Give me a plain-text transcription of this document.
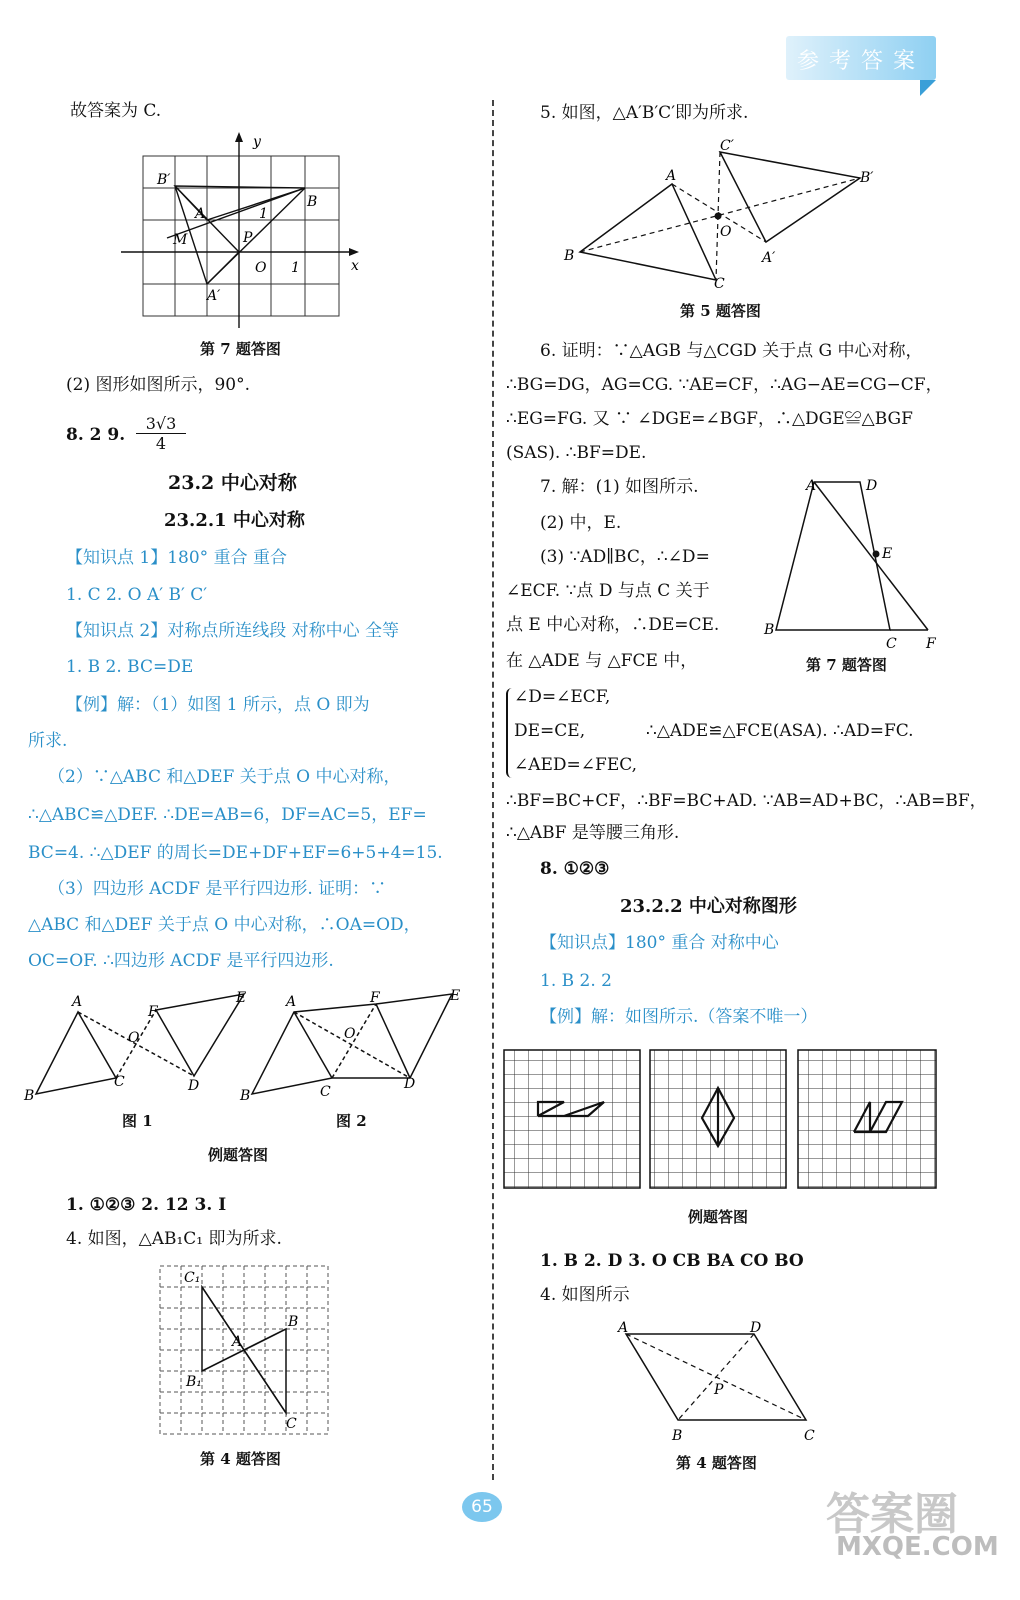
参考答案
故答案为 C.
y
x
B′
B
A
M	P
O 1
1
A′
第 7 题答图
(2) 图形如图所示，90°.
8. 2 9. $\frac{3√3}{4}$
23.2 中心对称
23.2.1 中心对称
【知识点 1】180° 重合 重合
1. C 2. O A′ B′ C′
【知识点 2】对称点所连线段 对称中心 全等
1. B 2. BC=DE
【例】解：（1）如图 1 所示，点 O 即为
所求.
（2）∵△ABC 和△DEF 关于点 O 中心对称，
∴△ABC≌△DEF. ∴DE=AB=6，DF=AC=5，EF=
BC=4. ∴△DEF 的周长=DE+DF+EF=6+5+4=15.
（3）四边形 ACDF 是平行四边形. 证明：∵
△ABC 和△DEF 关于点 O 中心对称，∴OA=OD，
OC=OF. ∴四边形 ACDF 是平行四边形.
A
B
C	D
E
F
O
A
B	C	D
E
F
O
图 1	图 2
例题答图
1. ①②③ 2. 12 3. I
4. 如图，△AB₁C₁ 即为所求.
C₁
B
A
B₁
C
第 4 题答图
5. 如图，△A′B′C′即为所求.
C′
A	B′
O
B	A′
C
第 5 题答图
6. 证明：∵△AGB 与△CGD 关于点 G 中心对称，
∴BG=DG，AG=CG. ∵AE=CF，∴AG−AE=CG−CF，
∴EG=FG. 又 ∵ ∠DGE=∠BGF，∴△DGE≌△BGF
(SAS). ∴BF=DE.
7. 解：(1) 如图所示.
(2) 中，E.
(3) ∵AD∥BC，∴∠D=
∠ECF. ∵点 D 与点 C 关于
点 E 中心对称，∴DE=CE.
在 △ADE 与 △FCE 中，
A	D
E
B
C F
第 7 题答图
∠D=∠ECF,
DE=CE,	∴△ADE≌△FCE(ASA). ∴AD=FC.
∠AED=∠FEC,
∴BF=BC+CF，∴BF=BC+AD. ∵AB=AD+BC，∴AB=BF，
∴△ABF 是等腰三角形.
8. ①②③
23.2.2 中心对称图形
【知识点】180° 重合 对称中心
1. B 2. 2
【例】解：如图所示.（答案不唯一）
例题答图
1. B 2. D 3. O CB BA CO BO
4. 如图所示
A	D
P
B	C
第 4 题答图
65	答案圈
MXQE.COM
